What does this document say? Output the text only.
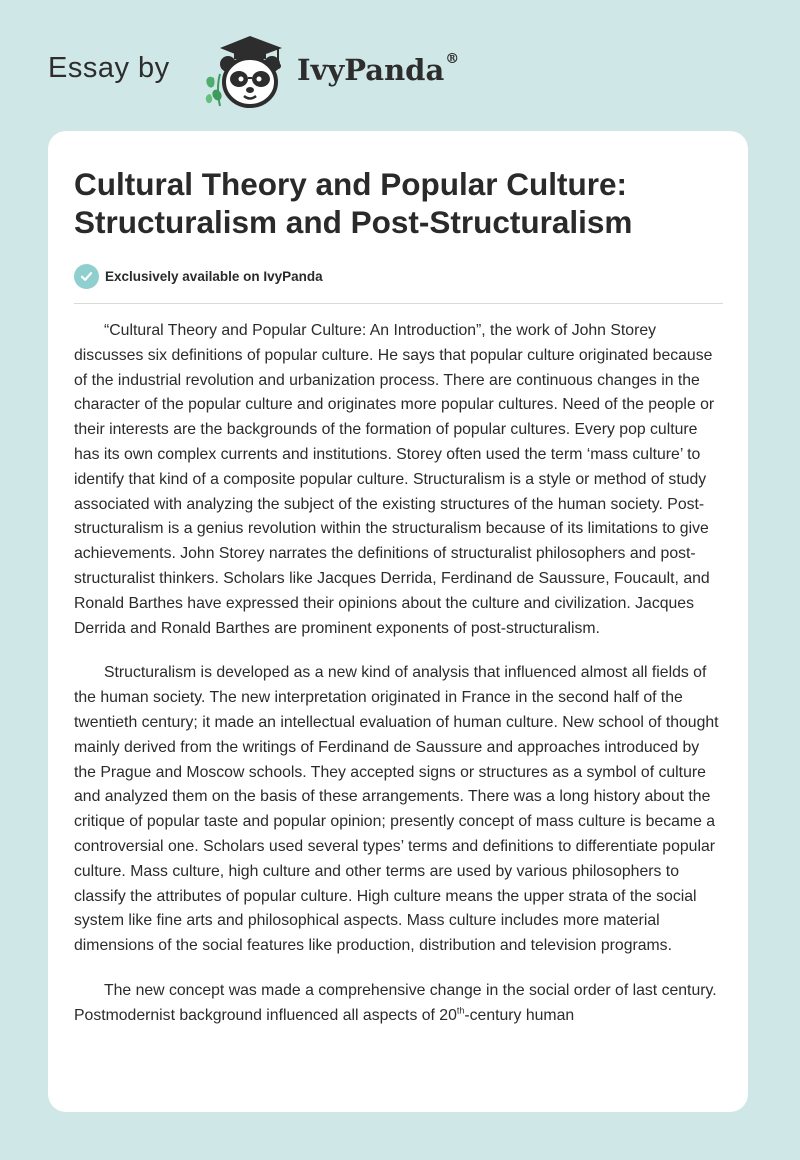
Essay by	IvyPanda®
Cultural Theory and Popular Culture: Structuralism and Post-Structuralism
Exclusively available on IvyPanda

“Cultural Theory and Popular Culture: An Introduction”, the work of John Storey discusses six definitions of popular culture. He says that popular culture originated because of the industrial revolution and urbanization process. There are continuous changes in the character of the popular culture and originates more popular cultures. Need of the people or their interests are the backgrounds of the formation of popular cultures. Every pop culture has its own complex currents and institutions. Storey often used the term ‘mass culture’ to identify that kind of a composite popular culture. Structuralism is a style or method of study associated with analyzing the subject of the existing structures of the human society. Post-structuralism is a genius revolution within the structuralism because of its limitations to give achievements. John Storey narrates the definitions of structuralist philosophers and post-structuralist thinkers. Scholars like Jacques Derrida, Ferdinand de Saussure, Foucault, and Ronald Barthes have expressed their opinions about the culture and civilization. Jacques Derrida and Ronald Barthes are prominent exponents of post-structuralism.

Structuralism is developed as a new kind of analysis that influenced almost all fields of the human society. The new interpretation originated in France in the second half of the twentieth century; it made an intellectual evaluation of human culture. New school of thought mainly derived from the writings of Ferdinand de Saussure and approaches introduced by the Prague and Moscow schools. They accepted signs or structures as a symbol of culture and analyzed them on the basis of these arrangements. There was a long history about the critique of popular taste and popular opinion; presently concept of mass culture is became a controversial one. Scholars used several types’ terms and definitions to differentiate popular culture. Mass culture, high culture and other terms are used by various philosophers to classify the attributes of popular culture. High culture means the upper strata of the social system like fine arts and philosophical aspects. Mass culture includes more material dimensions of the social features like production, distribution and television programs.

The new concept was made a comprehensive change in the social order of last century. Postmodernist background influenced all aspects of 20th-century human
